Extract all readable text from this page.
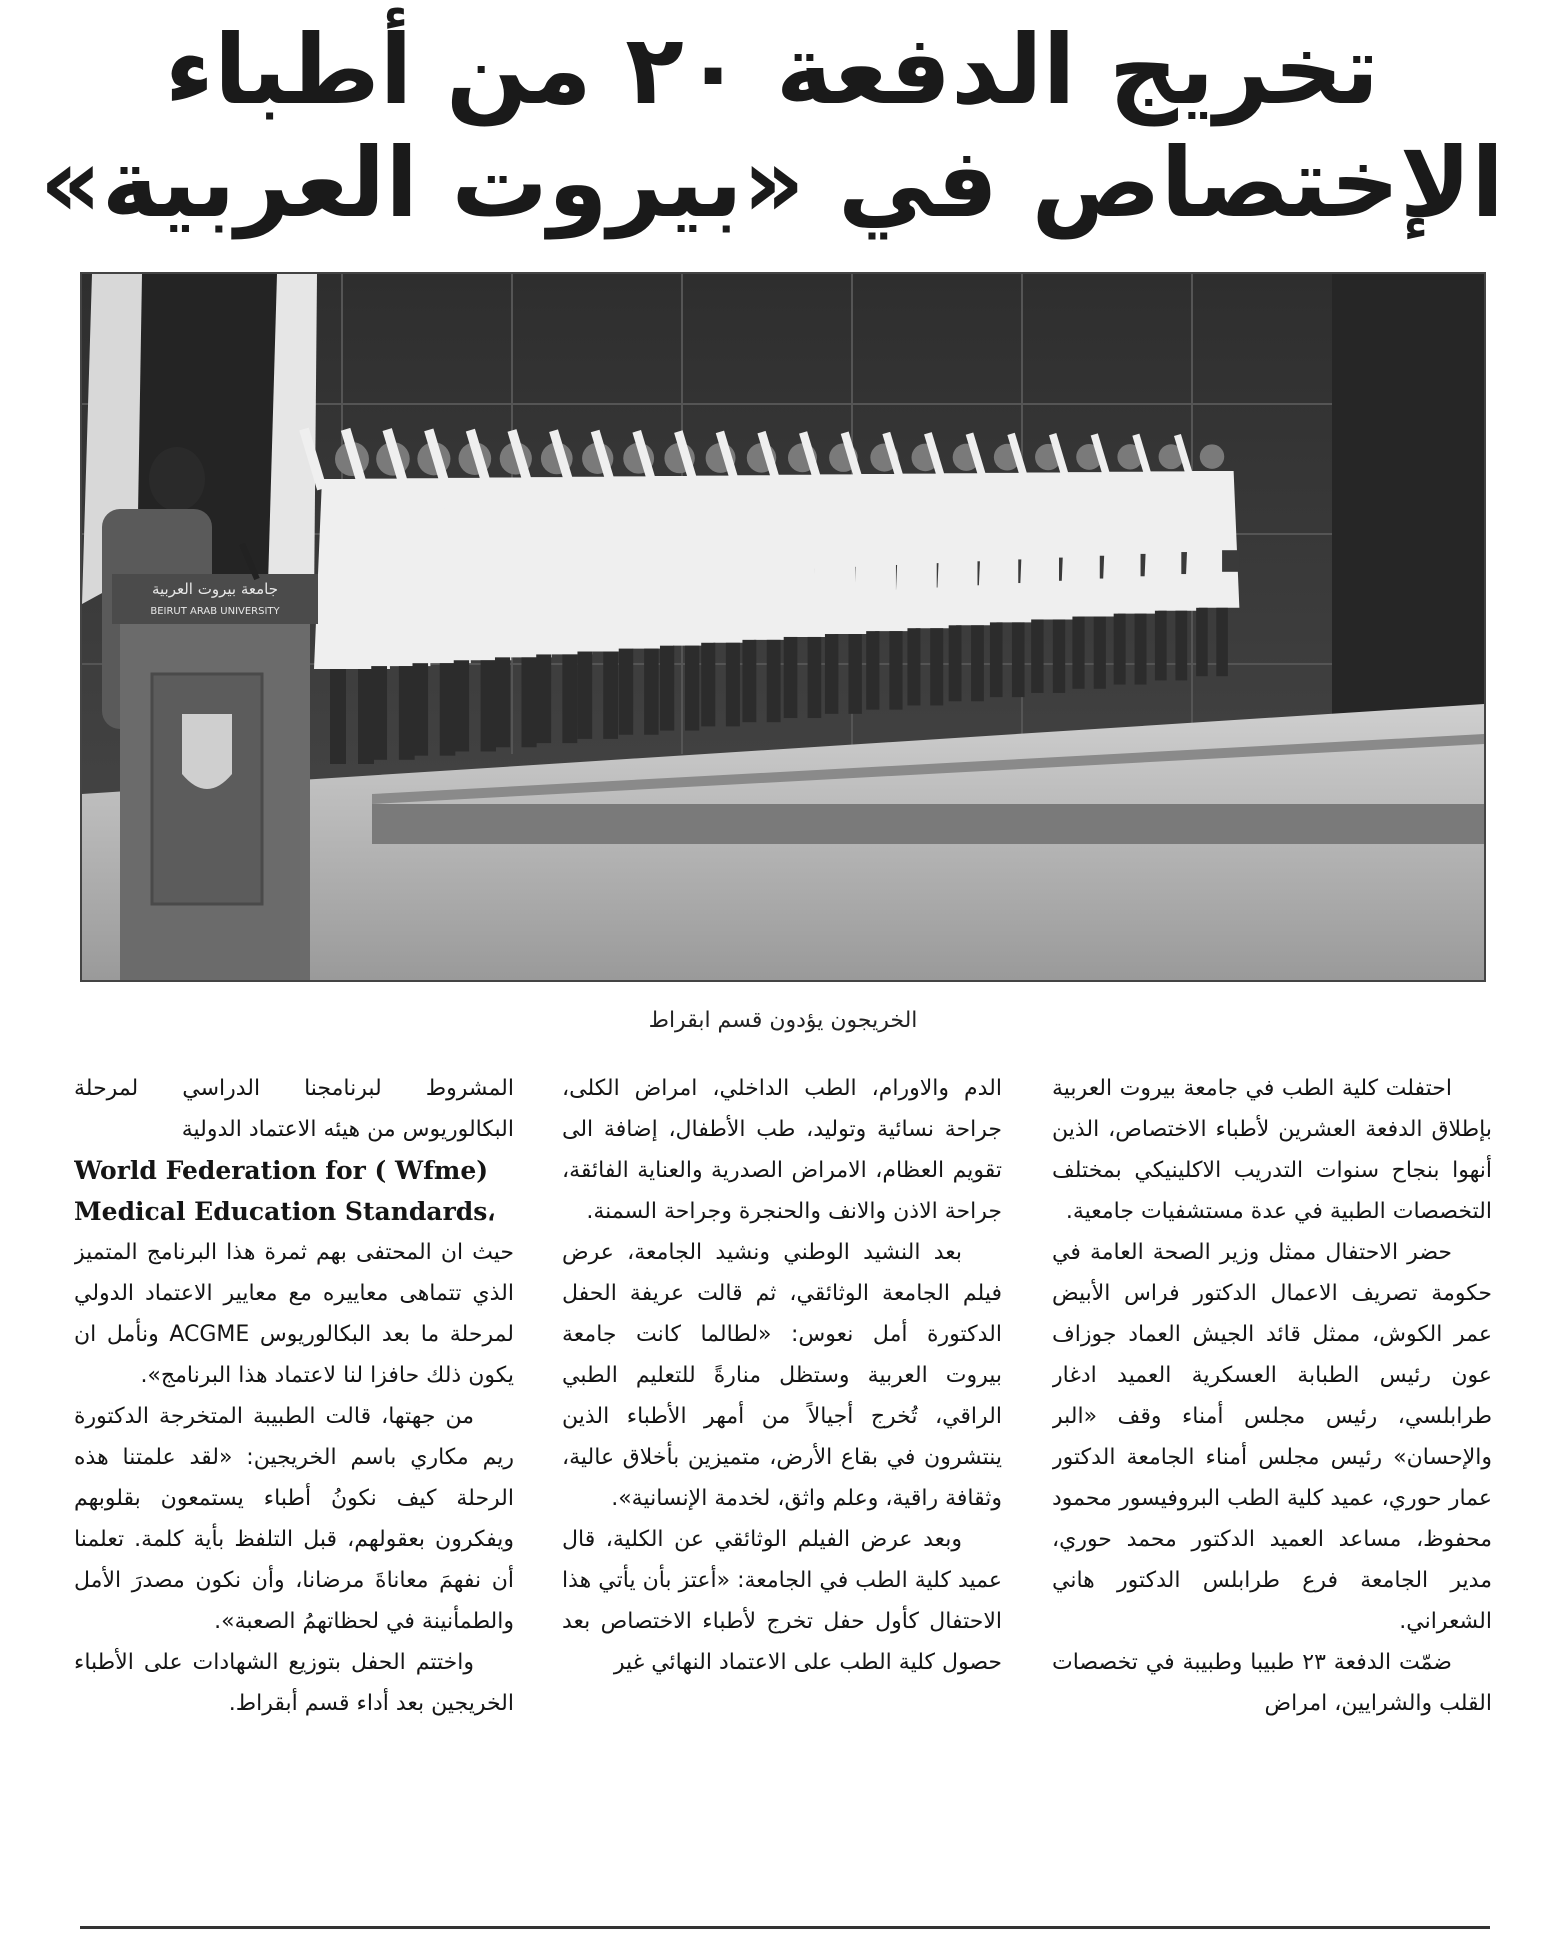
تخريج الدفعة ٢٠ من أطباء
الإختصاص في «بيروت العربية»
جامعة بيروت العربية
BEIRUT ARAB UNIVERSITY
الخريجون يؤدون قسم ابقراط

احتفلت كلية الطب في جامعة بيروت العربية بإطلاق الدفعة العشرين لأطباء الاختصاص، الذين أنهوا بنجاح سنوات التدريب الاكلينيكي بمختلف التخصصات الطبية في عدة مستشفيات جامعية.

حضر الاحتفال ممثل وزير الصحة العامة في حكومة تصريف الاعمال الدكتور فراس الأبيض عمر الكوش، ممثل قائد الجيش العماد جوزاف عون رئيس الطبابة العسكرية العميد ادغار طرابلسي، رئيس مجلس أمناء وقف «البر والإحسان» رئيس مجلس أمناء الجامعة الدكتور عمار حوري، عميد كلية الطب البروفيسور محمود محفوظ، مساعد العميد الدكتور محمد حوري، مدير الجامعة فرع طرابلس الدكتور هاني الشعراني.

ضمّت الدفعة ٢٣ طبيبا وطبيبة في تخصصات القلب والشرايين، امراض

الدم والاورام، الطب الداخلي، امراض الكلى، جراحة نسائية وتوليد، طب الأطفال، إضافة الى تقويم العظام، الامراض الصدرية والعناية الفائقة، جراحة الاذن والانف والحنجرة وجراحة السمنة.

بعد النشيد الوطني ونشيد الجامعة، عرض فيلم الجامعة الوثائقي، ثم قالت عريفة الحفل الدكتورة أمل نعوس: «لطالما كانت جامعة بيروت العربية وستظل منارةً للتعليم الطبي الراقي، تُخرج أجيالاً من أمهر الأطباء الذين ينتشرون في بقاع الأرض، متميزين بأخلاق عالية، وثقافة راقية، وعلم واثق، لخدمة الإنسانية».

وبعد عرض الفيلم الوثائقي عن الكلية، قال عميد كلية الطب في الجامعة: «أعتز بأن يأتي هذا الاحتفال كأول حفل تخرج لأطباء الاختصاص بعد حصول كلية الطب على الاعتماد النهائي غير

المشروط لبرنامجنا الدراسي لمرحلة البكالوريوس من هيئه الاعتماد الدولية

World Federation for ( Wfme)
Medical Education Standards،

حيث ان المحتفى بهم ثمرة هذا البرنامج المتميز الذي تتماهى معاييره مع معايير الاعتماد الدولي لمرحلة ما بعد البكالوريوس ACGME ونأمل ان يكون ذلك حافزا لنا لاعتماد هذا البرنامج».

من جهتها، قالت الطبيبة المتخرجة الدكتورة ريم مكاري باسم الخريجين: «لقد علمتنا هذه الرحلة كيف نكونُ أطباء يستمعون بقلوبهم ويفكرون بعقولهم، قبل التلفظ بأية كلمة. تعلمنا أن نفهمَ معاناةَ مرضانا، وأن نكون مصدرَ الأمل والطمأنينة في لحظاتهمُ الصعبة».

واختتم الحفل بتوزيع الشهادات على الأطباء الخريجين بعد أداء قسم أبقراط.
